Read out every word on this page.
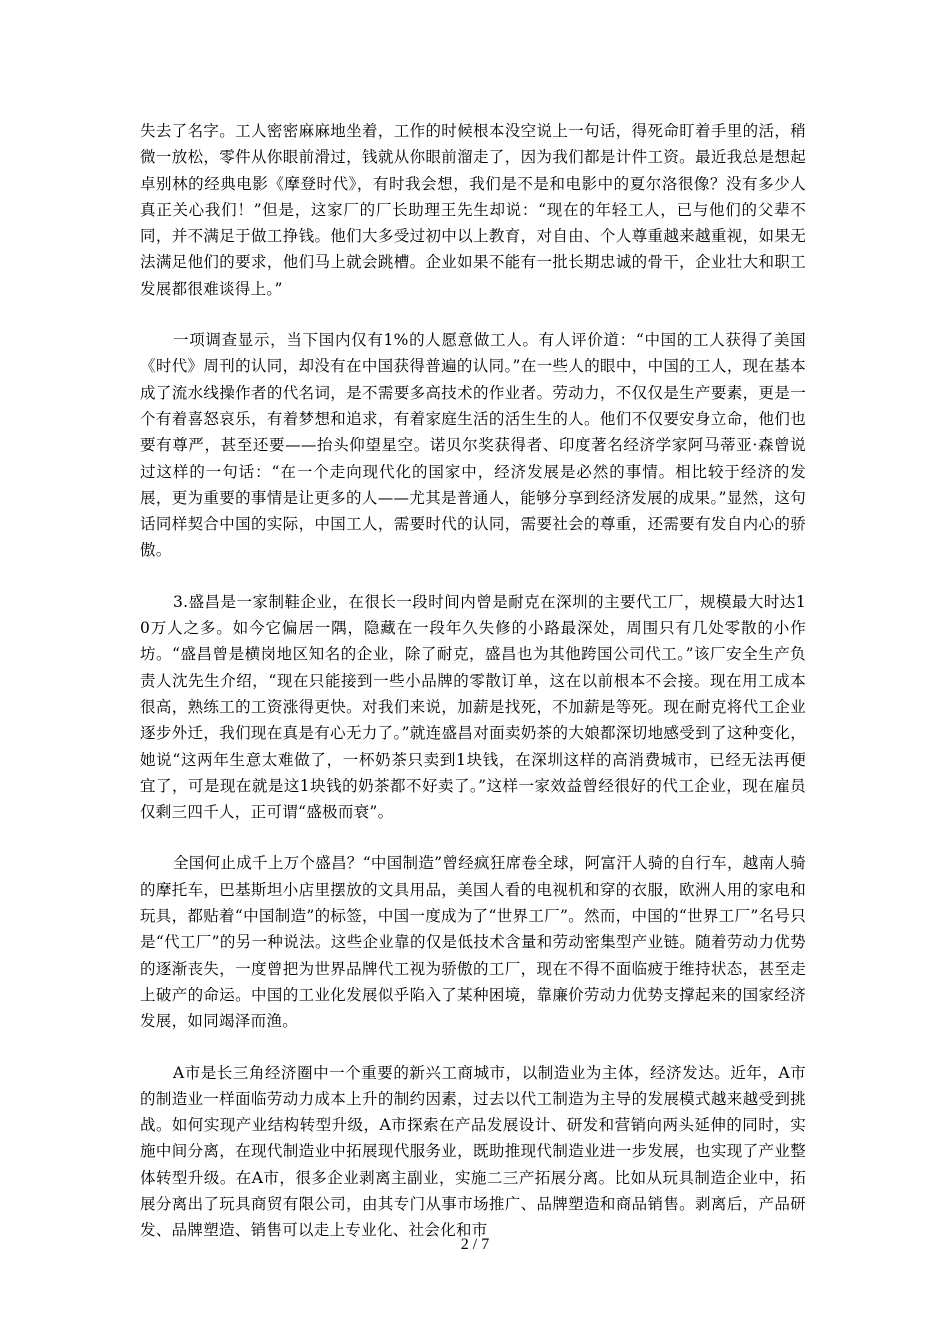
失去了名字。工人密密麻麻地坐着，工作的时候根本没空说上一句话，得死命盯着手里的活，稍微一放松，零件从你眼前滑过，钱就从你眼前溜走了，因为我们都是计件工资。最近我总是想起卓别林的经典电影《摩登时代》，有时我会想，我们是不是和电影中的夏尔洛很像？没有多少人真正关心我们！”但是，这家厂的厂长助理王先生却说：“现在的年轻工人，已与他们的父辈不同，并不满足于做工挣钱。他们大多受过初中以上教育，对自由、个人尊重越来越重视，如果无法满足他们的要求，他们马上就会跳槽。企业如果不能有一批长期忠诚的骨干，企业壮大和职工发展都很难谈得上。”

一项调查显示，当下国内仅有1%的人愿意做工人。有人评价道：“中国的工人获得了美国《时代》周刊的认同，却没有在中国获得普遍的认同。”在一些人的眼中，中国的工人，现在基本成了流水线操作者的代名词，是不需要多高技术的作业者。劳动力，不仅仅是生产要素，更是一个有着喜怒哀乐，有着梦想和追求，有着家庭生活的活生生的人。他们不仅要安身立命，他们也要有尊严，甚至还要——抬头仰望星空。诺贝尔奖获得者、印度著名经济学家阿马蒂亚·森曾说过这样的一句话：“在一个走向现代化的国家中，经济发展是必然的事情。相比较于经济的发展，更为重要的事情是让更多的人——尤其是普通人，能够分享到经济发展的成果。”显然，这句话同样契合中国的实际，中国工人，需要时代的认同，需要社会的尊重，还需要有发自内心的骄傲。

3.盛昌是一家制鞋企业，在很长一段时间内曾是耐克在深圳的主要代工厂，规模最大时达10万人之多。如今它偏居一隅，隐藏在一段年久失修的小路最深处，周围只有几处零散的小作坊。“盛昌曾是横岗地区知名的企业，除了耐克，盛昌也为其他跨国公司代工。”该厂安全生产负责人沈先生介绍，“现在只能接到一些小品牌的零散订单，这在以前根本不会接。现在用工成本很高，熟练工的工资涨得更快。对我们来说，加薪是找死，不加薪是等死。现在耐克将代工企业逐步外迁，我们现在真是有心无力了。”就连盛昌对面卖奶茶的大娘都深切地感受到了这种变化，她说“这两年生意太难做了，一杯奶茶只卖到1块钱，在深圳这样的高消费城市，已经无法再便宜了，可是现在就是这1块钱的奶茶都不好卖了。”这样一家效益曾经很好的代工企业，现在雇员仅剩三四千人，正可谓“盛极而衰”。

全国何止成千上万个盛昌？“中国制造”曾经疯狂席卷全球，阿富汗人骑的自行车，越南人骑的摩托车，巴基斯坦小店里摆放的文具用品，美国人看的电视机和穿的衣服，欧洲人用的家电和玩具，都贴着“中国制造”的标签，中国一度成为了“世界工厂”。然而，中国的“世界工厂”名号只是“代工厂”的另一种说法。这些企业靠的仅是低技术含量和劳动密集型产业链。随着劳动力优势的逐渐丧失，一度曾把为世界品牌代工视为骄傲的工厂，现在不得不面临疲于维持状态，甚至走上破产的命运。中国的工业化发展似乎陷入了某种困境，靠廉价劳动力优势支撑起来的国家经济发展，如同竭泽而渔。

A市是长三角经济圈中一个重要的新兴工商城市，以制造业为主体，经济发达。近年，A市的制造业一样面临劳动力成本上升的制约因素，过去以代工制造为主导的发展模式越来越受到挑战。如何实现产业结构转型升级，A市探索在产品发展设计、研发和营销向两头延伸的同时，实施中间分离，在现代制造业中拓展现代服务业，既助推现代制造业进一步发展，也实现了产业整体转型升级。在A市，很多企业剥离主副业，实施二三产拓展分离。比如从玩具制造企业中，拓展分离出了玩具商贸有限公司，由其专门从事市场推广、品牌塑造和商品销售。剥离后，产品研发、品牌塑造、销售可以走上专业化、社会化和市

2 / 7
